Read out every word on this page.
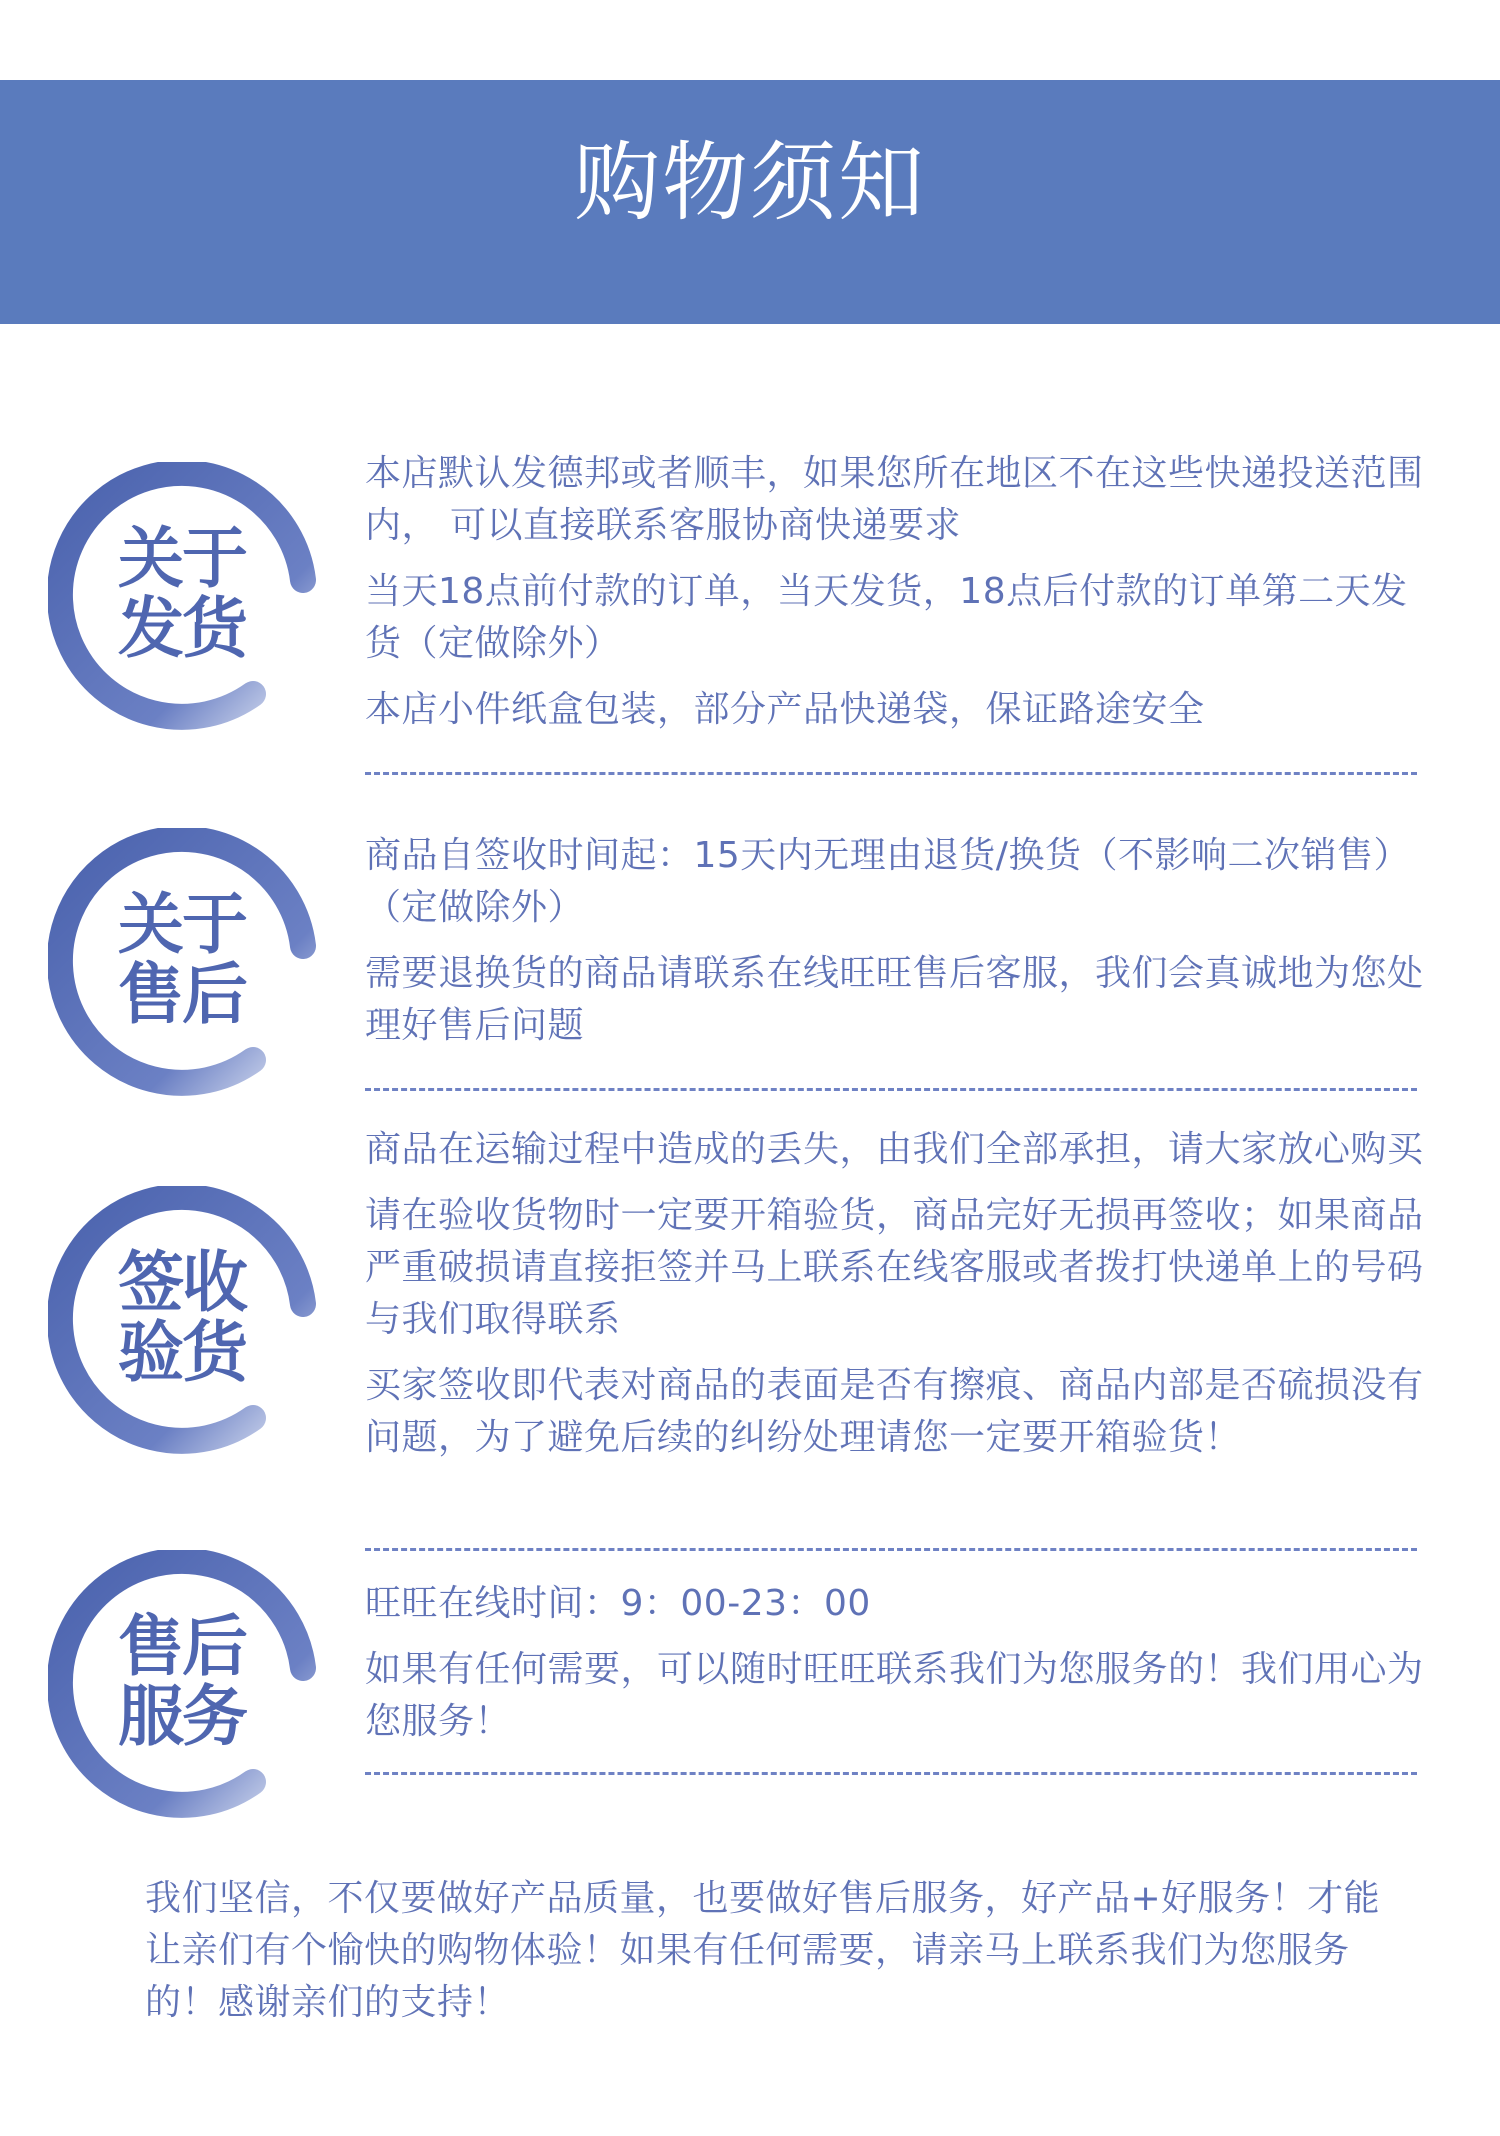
购物须知
关于
发货

本店默认发德邦或者顺丰，如果您所在地区不在这些快递投送范围内， 可以直接联系客服协商快递要求

当天18点前付款的订单，当天发货，18点后付款的订单第二天发货（定做除外）

本店小件纸盒包装，部分产品快递袋，保证路途安全

关于
售后

商品自签收时间起：15天内无理由退货/换货（不影响二次销售）（定做除外）

需要退换货的商品请联系在线旺旺售后客服，我们会真诚地为您处理好售后问题

签收
验货

商品在运输过程中造成的丢失，由我们全部承担，请大家放心购买

请在验收货物时一定要开箱验货，商品完好无损再签收；如果商品严重破损请直接拒签并马上联系在线客服或者拨打快递单上的号码与我们取得联系

买家签收即代表对商品的表面是否有擦痕、商品内部是否硫损没有问题，为了避免后续的纠纷处理请您一定要开箱验货！

售后
服务

旺旺在线时间：9：00-23：00

如果有任何需要，可以随时旺旺联系我们为您服务的！我们用心为您服务！

我们坚信，不仅要做好产品质量，也要做好售后服务，好产品+好服务！才能让亲们有个愉快的购物体验！如果有任何需要，请亲马上联系我们为您服务的！感谢亲们的支持！
